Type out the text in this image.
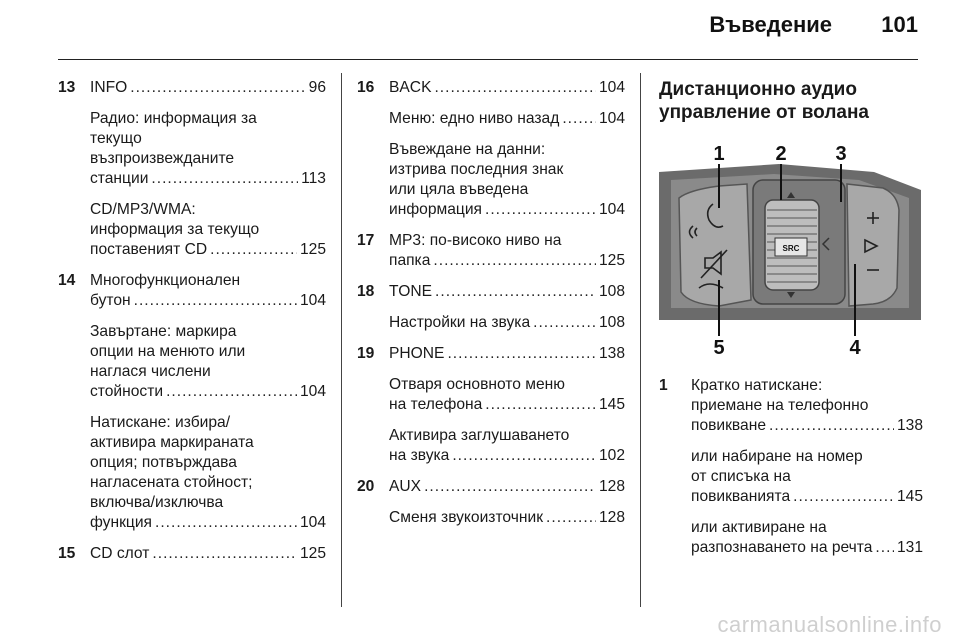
Въведение 101
13 INFO .....	96
Радио: информация за
текущо
възпроизвежданите
станции .....	113
CD/MP3/WMA:
информация за текущо
поставеният CD .....	125
14 Многофункционален
бутон .....	104
Завъртане: маркира
опции на менюто или
наглася числени
стойности .....	104
Натискане: избира/
активира маркираната
опция; потвърждава
нагласената стойност;
включва/изключва
функция .....	104
15 CD слот .....	125
16 BACK .....	104
Меню: едно ниво назад .....	104
Въвеждане на данни:
изтрива последния знак
или цяла въведена
информация .....	104
17 MP3: по-високо ниво на
папка .....	125
18 TONE .....	108
Настройки на звука .....	108
19 PHONE .....	138
Отваря основното меню
на телефона .....	145
Активира заглушаването
на звука .....	102
20 AUX .....	128
Сменя звукоизточник .....	128
Дистанционно аудио
управление от волана
SRC
1	2 3
4
5
1 Кратко натискане:
приемане на телефонно
повикване .....	138
или набиране на номер
от списъка на
повикванията .....	145
или активиране на
разпознаването на речта ..... 131
carmanualsonline.info
